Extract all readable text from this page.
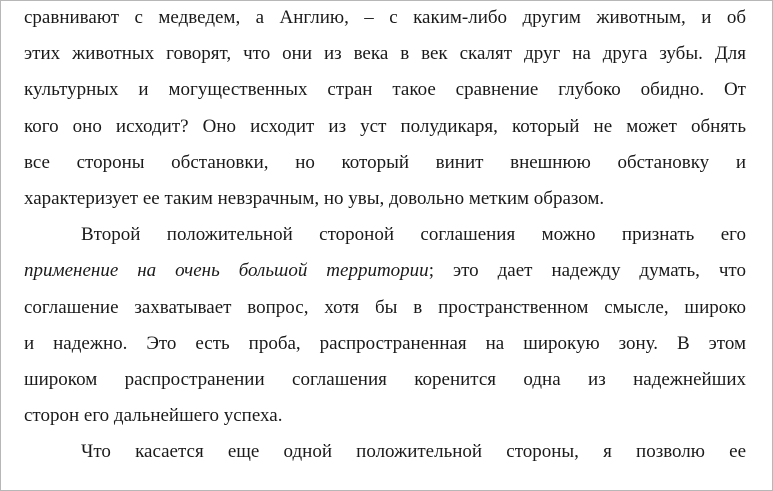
сравнивают с медведем, а Англию, – с каким-либо другим животным, и об
этих животных говорят, что они из века в век скалят друг на друга зубы. Для
культурных и могущественных стран такое сравнение глубоко обидно. От
кого оно исходит? Оно исходит из уст полудикаря, который не может обнять
все стороны обстановки, но который винит внешнюю обстановку и
характеризует ее таким невзрачным, но увы, довольно метким образом.
Второй положительной стороной соглашения можно признать его
применение на очень большой территории; это дает надежду думать, что
соглашение захватывает вопрос, хотя бы в пространственном смысле, широко
и надежно. Это есть проба, распространенная на широкую зону. В этом
широком распространении соглашения коренится одна из надежнейших
сторон его дальнейшего успеха.
Что касается еще одной положительной стороны, я позволю ее
